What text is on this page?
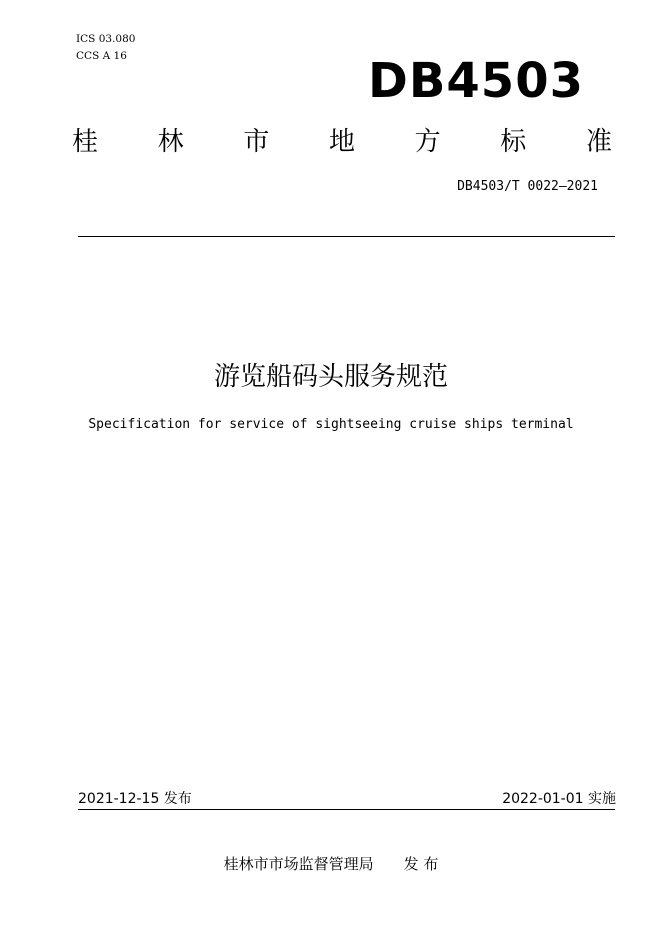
ICS 03.080
CCS A 16	DB4503
桂 林 市 地 方 标 准
DB4503/T 0022—2021
游览船码头服务规范
Specification for service of sightseeing cruise ships terminal
2021-12-15 发布	2022-01-01 实施
桂林市市场监督管理局 发 布
